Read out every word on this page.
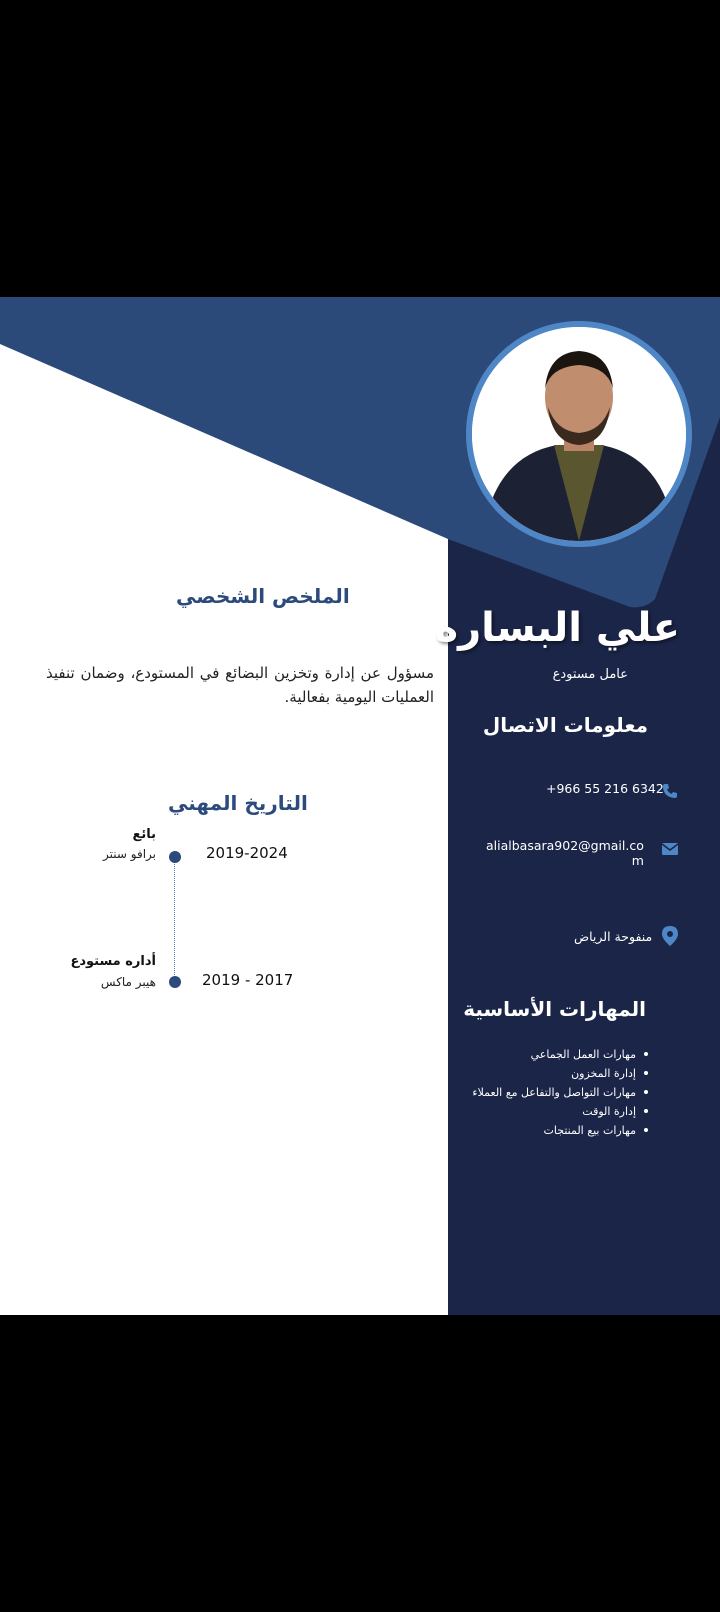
علي البساره
عامل مستودع
معلومات الاتصال
+966 55 216 6342
alialbasara902@gmail.co
m
منفوحة الرياض
المهارات الأساسية
مهارات العمل الجماعي
إدارة المخزون
مهارات التواصل والتفاعل مع العملاء
إدارة الوقت
مهارات بيع المنتجات
الملخص الشخصي

مسؤول عن إدارة وتخزين البضائع في المستودع، وضمان تنفيذ العمليات اليومية بفعالية.

التاريخ المهني
بائع
برافو سنتر	2019-2024
أداره مستودع
هيبر ماكس	2019 - 2017
